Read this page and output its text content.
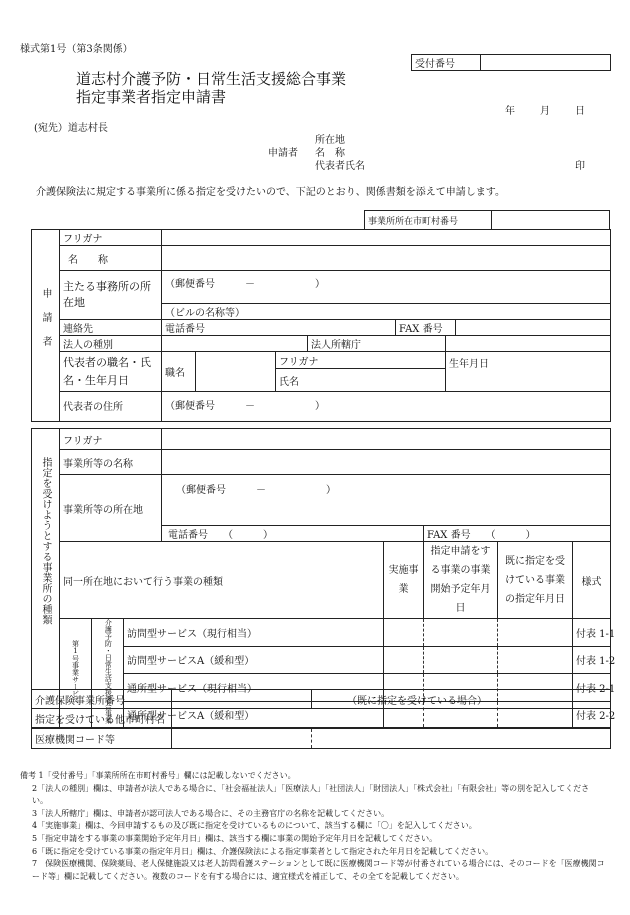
様式第1号（第3条関係）
受付番号	
道志村介護予防・日常生活支援総合事業
指定事業者指定申請書
年	月	日
(宛先）道志村長
所在地
申請者 名　称
代表者氏名	印
介護保険法に規定する事業所に係る指定を受けたいので、下記のとおり、関係書類を添えて申請します。
事業所所在市町村番号	
申請者	フリガナ						
	名　　称						
	主たる事務所の所在地	（郵便番号　　　－　　　　　　）					
		（ビルの名称等）					
	連絡先	電話番号				FAX 番号	
	法人の種別				法人所轄庁		
	代表者の職名・氏名・生年月日	職名		フリガナ			生年月日
				氏名			
	代表者の住所	（郵便番号　　　－　　　　　　）					

指定を受けようとする事業所の種類	フリガナ							
	事業所等の名称							
	事業所等の所在地			（郵便番号　　　－　　　　　　）				
				電話番号　　（　　　）		FAX 番号　　（　　　）		
	同一所在地において行う事業の種類				実施事業	指定申請をする事業の事業開始予定年月日	既に指定を受けている事業の指定年月日	様式
	第1号事業サービス	介護予防・日常生活支援総合事業	訪問型サービス（現行相当）					付表 1-1
			訪問型サービスA（緩和型）					付表 1-2
			通所型サービス（現行相当）					付表 2-1
			通所型サービスA（緩和型）					付表 2-2
介護保険事業所番号		（既に指定を受けている場合）
指定を受けている他市町村名		
医療機関コード等	

備考 1「受付番号」「事業所所在市町村番号」欄には記載しないでください。
2「法人の種別」欄は、申請者が法人である場合に、「社会福祉法人」「医療法人」「社団法人」「財団法人」「株式会社」「有限会社」等の別を記入してください。
3「法人所轄庁」欄は、申請者が認可法人である場合に、その主務官庁の名称を記載してください。
4「実施事業」欄は、今回申請するもの及び既に指定を受けているものについて、該当する欄に「〇」を記入してください。
5「指定申請をする事業の事業開始予定年月日」欄は、該当する欄に事業の開始予定年月日を記載してください。
6「既に指定を受けている事業の指定年月日」欄は、介護保険法による指定事業者として指定された年月日を記載してください。
7　保険医療機関、保険薬局、老人保健施設又は老人訪問看護ステーションとして既に医療機関コード等が付番されている場合には、そのコードを「医療機関コード等」欄に記載してください。複数のコードを有する場合には、適宜様式を補正して、その全てを記載してください。
